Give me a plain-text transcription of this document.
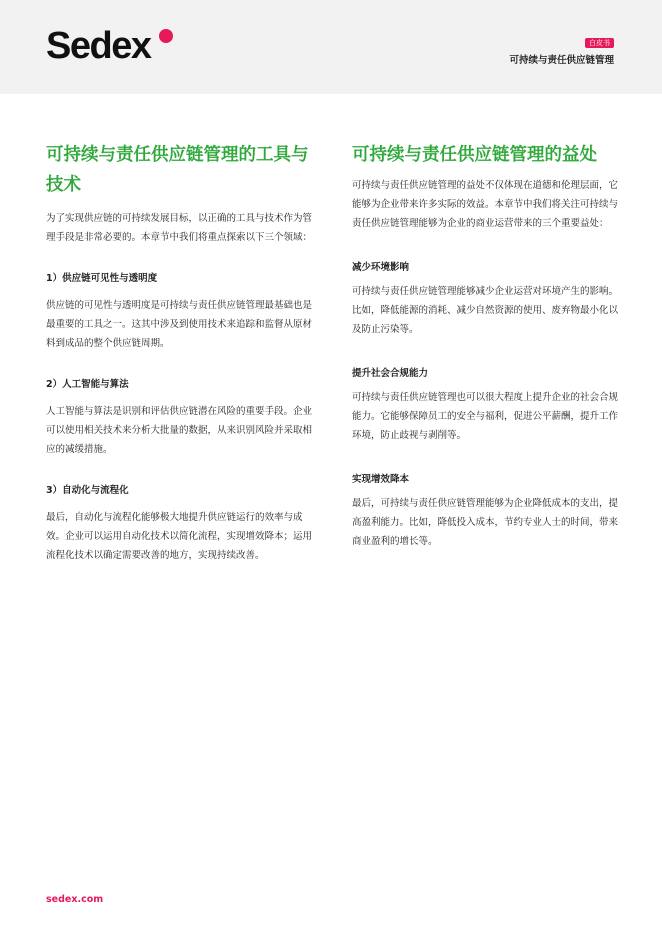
Sedex	白皮书
可持续与责任供应链管理
可持续与责任供应链管理的工具与技术

为了实现供应链的可持续发展目标，以正确的工具与技术作为管理手段是非常必要的。本章节中我们将重点探索以下三个领域：

1）供应链可见性与透明度

供应链的可见性与透明度是可持续与责任供应链管理最基础也是最重要的工具之一。这其中涉及到使用技术来追踪和监督从原材料到成品的整个供应链周期。

2）人工智能与算法

人工智能与算法是识别和评估供应链潜在风险的重要手段。企业可以使用相关技术来分析大批量的数据，从来识别风险并采取相应的减缓措施。

3）自动化与流程化

最后，自动化与流程化能够极大地提升供应链运行的效率与成效。企业可以运用自动化技术以简化流程，实现增效降本；运用流程化技术以确定需要改善的地方，实现持续改善。

可持续与责任供应链管理的益处

可持续与责任供应链管理的益处不仅体现在道德和伦理层面，它能够为企业带来许多实际的效益。本章节中我们将关注可持续与责任供应链管理能够为企业的商业运营带来的三个重要益处：

减少环境影响

可持续与责任供应链管理能够减少企业运营对环境产生的影响。比如，降低能源的消耗、减少自然资源的使用、废弃物最小化以及防止污染等。

提升社会合规能力

可持续与责任供应链管理也可以很大程度上提升企业的社会合规能力。它能够保障员工的安全与福利，促进公平薪酬，提升工作环境，防止歧视与剥削等。

实现增效降本

最后，可持续与责任供应链管理能够为企业降低成本的支出，提高盈利能力。比如，降低投入成本，节约专业人士的时间，带来商业盈利的增长等。

sedex.com
